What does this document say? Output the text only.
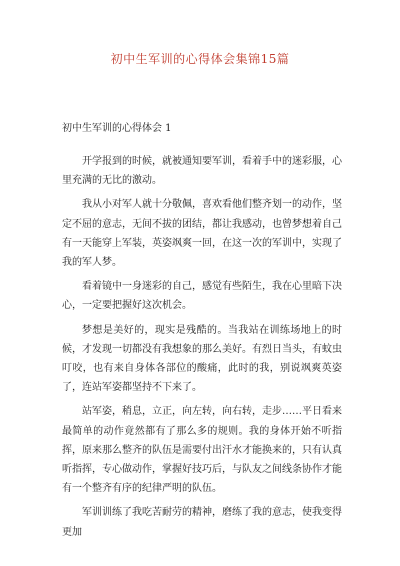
初中生军训的心得体会集锦15篇
初中生军训的心得体会 1

开学报到的时候，就被通知要军训，看着手中的迷彩服，心里充满的无比的激动。

我从小对军人就十分敬佩，喜欢看他们整齐划一的动作，坚定不屈的意志，无间不拔的团结，都让我感动，也曾梦想着自己有一天能穿上军装，英姿飒爽一回，在这一次的军训中，实现了我的军人梦。

看着镜中一身迷彩的自己，感觉有些陌生，我在心里暗下决心，一定要把握好这次机会。

梦想是美好的，现实是残酷的。当我站在训练场地上的时候，才发现一切都没有我想象的那么美好。有烈日当头，有蚊虫叮咬，也有来自身体各部位的酸痛，此时的我，别说飒爽英姿了，连站军姿都坚持不下来了。

站军姿，稍息，立正，向左转，向右转，走步……平日看来最简单的动作竟然都有了那么多的规则。我的身体开始不听指挥，原来那么整齐的队伍是需要付出汗水才能换来的，只有认真听指挥，专心做动作，掌握好技巧后，与队友之间线条协作才能有一个整齐有序的纪律严明的队伍。

军训训练了我吃苦耐劳的精神，磨练了我的意志，使我变得更加
